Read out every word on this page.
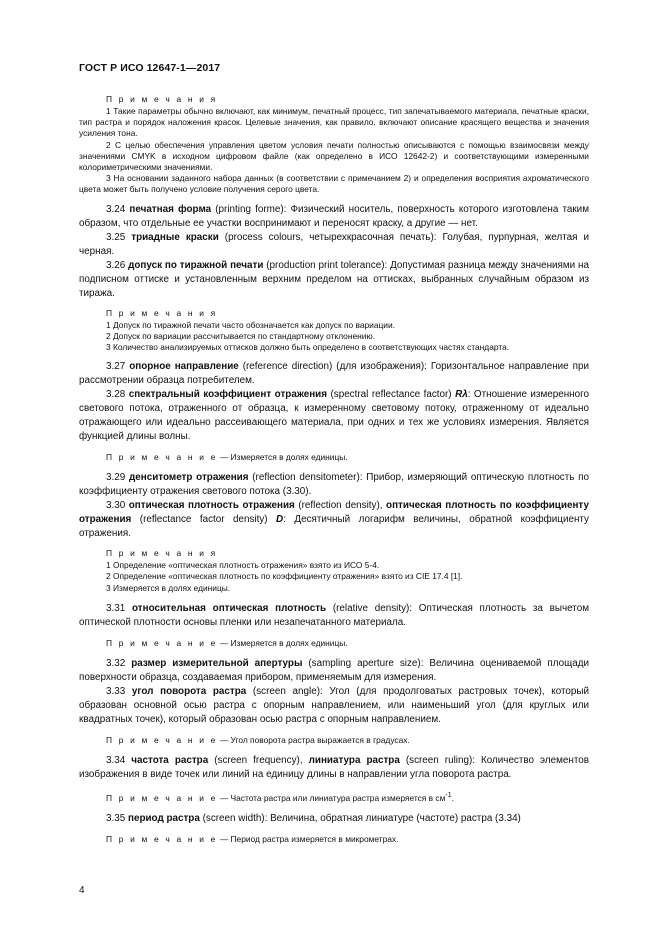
ГОСТ Р ИСО 12647-1—2017
П р и м е ч а н и я

1 Такие параметры обычно включают, как минимум, печатный процесс, тип запечатываемого материала, печатные краски, тип растра и порядок наложения красок. Целевые значения, как правило, включают описание красящего вещества и значения усиления тона.

2 С целью обеспечения управления цветом условия печати полностью описываются с помощью взаимосвязи между значениями CMYK в исходном цифровом файле (как определено в ИСО 12642-2) и соответствующими измеренными колориметрическими значениями.

3 На основании заданного набора данных (в соответствии с примечанием 2) и определения восприятия ахроматического цвета может быть получено условие получения серого цвета.

3.24 печатная форма (printing forme): Физический носитель, поверхность которого изготовлена таким образом, что отдельные ее участки воспринимают и переносят краску, а другие — нет.

3.25 триадные краски (process colours, четырехкрасочная печать): Голубая, пурпурная, желтая и черная.

3.26 допуск по тиражной печати (production print tolerance): Допустимая разница между значениями на подписном оттиске и установленным верхним пределом на оттисках, выбранных случайным образом из тиража.

П р и м е ч а н и я

1 Допуск по тиражной печати часто обозначается как допуск по вариации.

2 Допуск по вариации рассчитывается по стандартному отклонению.

3 Количество анализируемых оттисков должно быть определено в соответствующих частях стандарта.

3.27 опорное направление (reference direction) (для изображения): Горизонтальное направление при рассмотрении образца потребителем.

3.28 спектральный коэффициент отражения (spectral reflectance factor) Rλ: Отношение измеренного светового потока, отраженного от образца, к измеренному световому потоку, отраженному от идеально отражающего или идеально рассеивающего материала, при одних и тех же условиях измерения. Является функцией длины волны.

П р и м е ч а н и е — Измеряется в долях единицы.

3.29 денситометр отражения (reflection densitometer): Прибор, измеряющий оптическую плотность по коэффициенту отражения светового потока (3.30).

3.30 оптическая плотность отражения (reflection density), оптическая плотность по коэффициенту отражения (reflectance factor density) D: Десятичный логарифм величины, обратной коэффициенту отражения.

П р и м е ч а н и я

1 Определение «оптическая плотность отражения» взято из ИСО 5-4.

2 Определение «оптическая плотность по коэффициенту отражения» взято из CIE 17.4 [1].

3 Измеряется в долях единицы.

3.31 относительная оптическая плотность (relative density): Оптическая плотность за вычетом оптической плотности основы пленки или незапечатанного материала.

П р и м е ч а н и е — Измеряется в долях единицы.

3.32 размер измерительной апертуры (sampling aperture size): Величина оцениваемой площади поверхности образца, создаваемая прибором, применяемым для измерения.

3.33 угол поворота растра (screen angle): Угол (для продолговатых растровых точек), который образован основной осью растра с опорным направлением, или наименьший угол (для круглых или квадратных точек), который образован осью растра с опорным направлением.

П р и м е ч а н и е — Угол поворота растра выражается в градусах.

3.34 частота растра (screen frequency), линиатура растра (screen ruling): Количество элементов изображения в виде точек или линий на единицу длины в направлении угла поворота растра.

П р и м е ч а н и е — Частота растра или линиатура растра измеряется в $см^{-1}$.

3.35 период растра (screen width): Величина, обратная линиатуре (частоте) растра (3.34)

П р и м е ч а н и е — Период растра измеряется в микрометрах.

4
